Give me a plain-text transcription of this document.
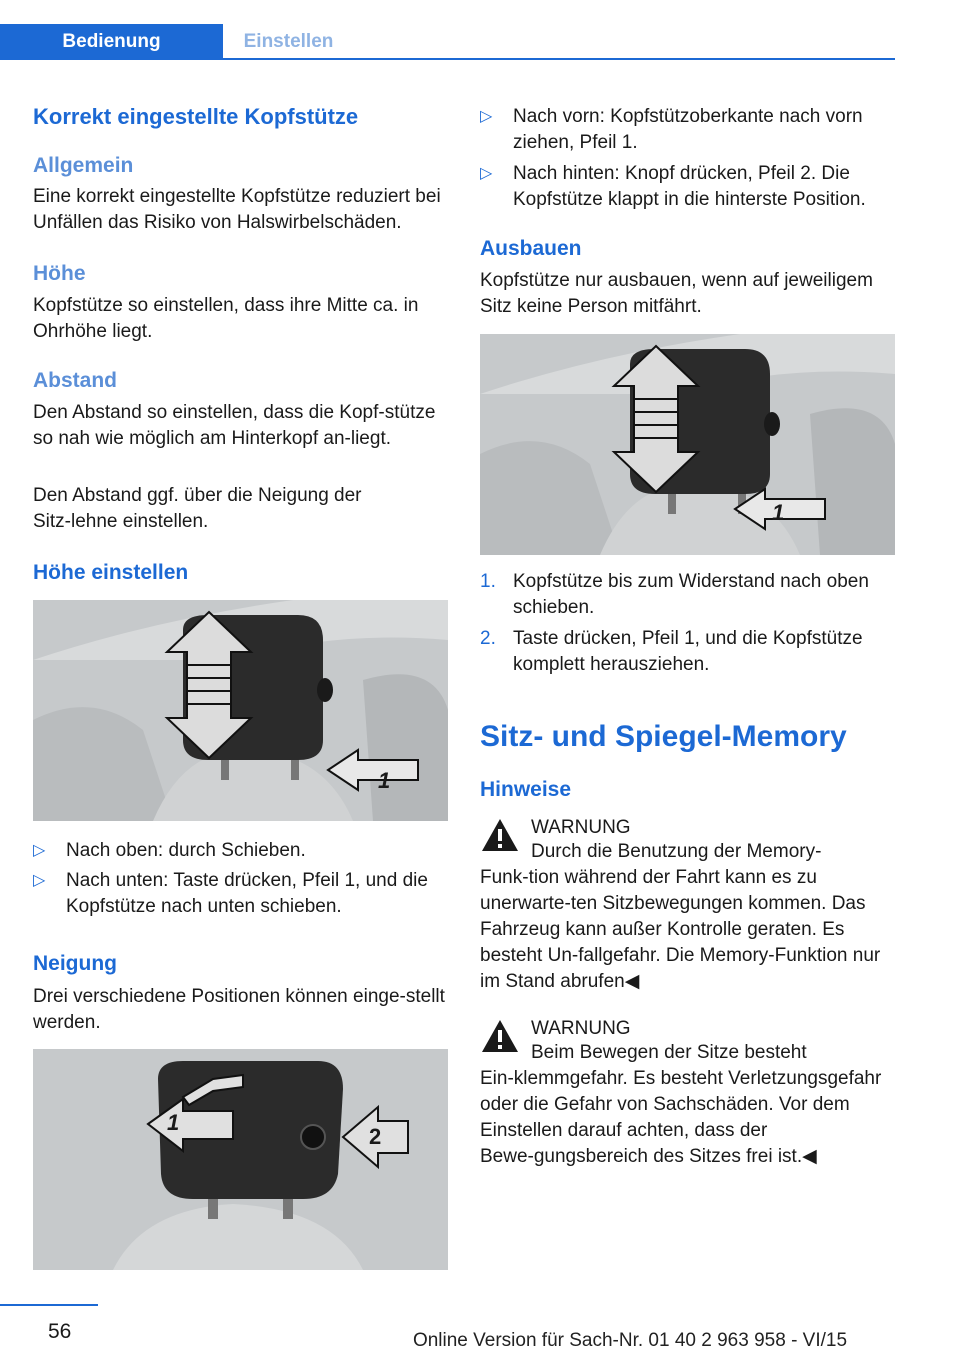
Bedienung	Einstellen
Korrekt eingestellte Kopfstütze
Allgemein
Eine korrekt eingestellte Kopfstütze reduziert bei Unfällen das Risiko von Halswirbelschäden.
Höhe
Kopfstütze so einstellen, dass ihre Mitte ca. in Ohrhöhe liegt.
Abstand
Den Abstand so einstellen, dass die Kopf‑stütze so nah wie möglich am Hinterkopf an‑liegt.
Den Abstand ggf. über die Neigung der Sitz‑lehne einstellen.
Höhe einstellen
1
▷ Nach oben: durch Schieben.
▷ Nach unten: Taste drücken, Pfeil 1, und die Kopfstütze nach unten schieben.
Neigung
Drei verschiedene Positionen können einge‑stellt werden.
1
2
▷ Nach vorn: Kopfstützoberkante nach vorn ziehen, Pfeil 1.
▷ Nach hinten: Knopf drücken, Pfeil 2. Die Kopfstütze klappt in die hinterste Position.
Ausbauen
Kopfstütze nur ausbauen, wenn auf jeweiligem Sitz keine Person mitfährt.
1
1. Kopfstütze bis zum Widerstand nach oben schieben.
2. Taste drücken, Pfeil 1, und die Kopfstütze komplett herausziehen.
Sitz- und Spiegel-Memory
Hinweise
WARNUNG
Durch die Benutzung der Memory-Funk‑tion während der Fahrt kann es zu unerwarte‑ten Sitzbewegungen kommen. Das Fahrzeug kann außer Kontrolle geraten. Es besteht Un‑fallgefahr. Die Memory-Funktion nur im Stand abrufen◀
WARNUNG
Beim Bewegen der Sitze besteht Ein‑klemmgefahr. Es besteht Verletzungsgefahr oder die Gefahr von Sachschäden. Vor dem Einstellen darauf achten, dass der Bewe‑gungsbereich des Sitzes frei ist.◀
56	Online Version für Sach-Nr. 01 40 2 963 958 - VI/15
